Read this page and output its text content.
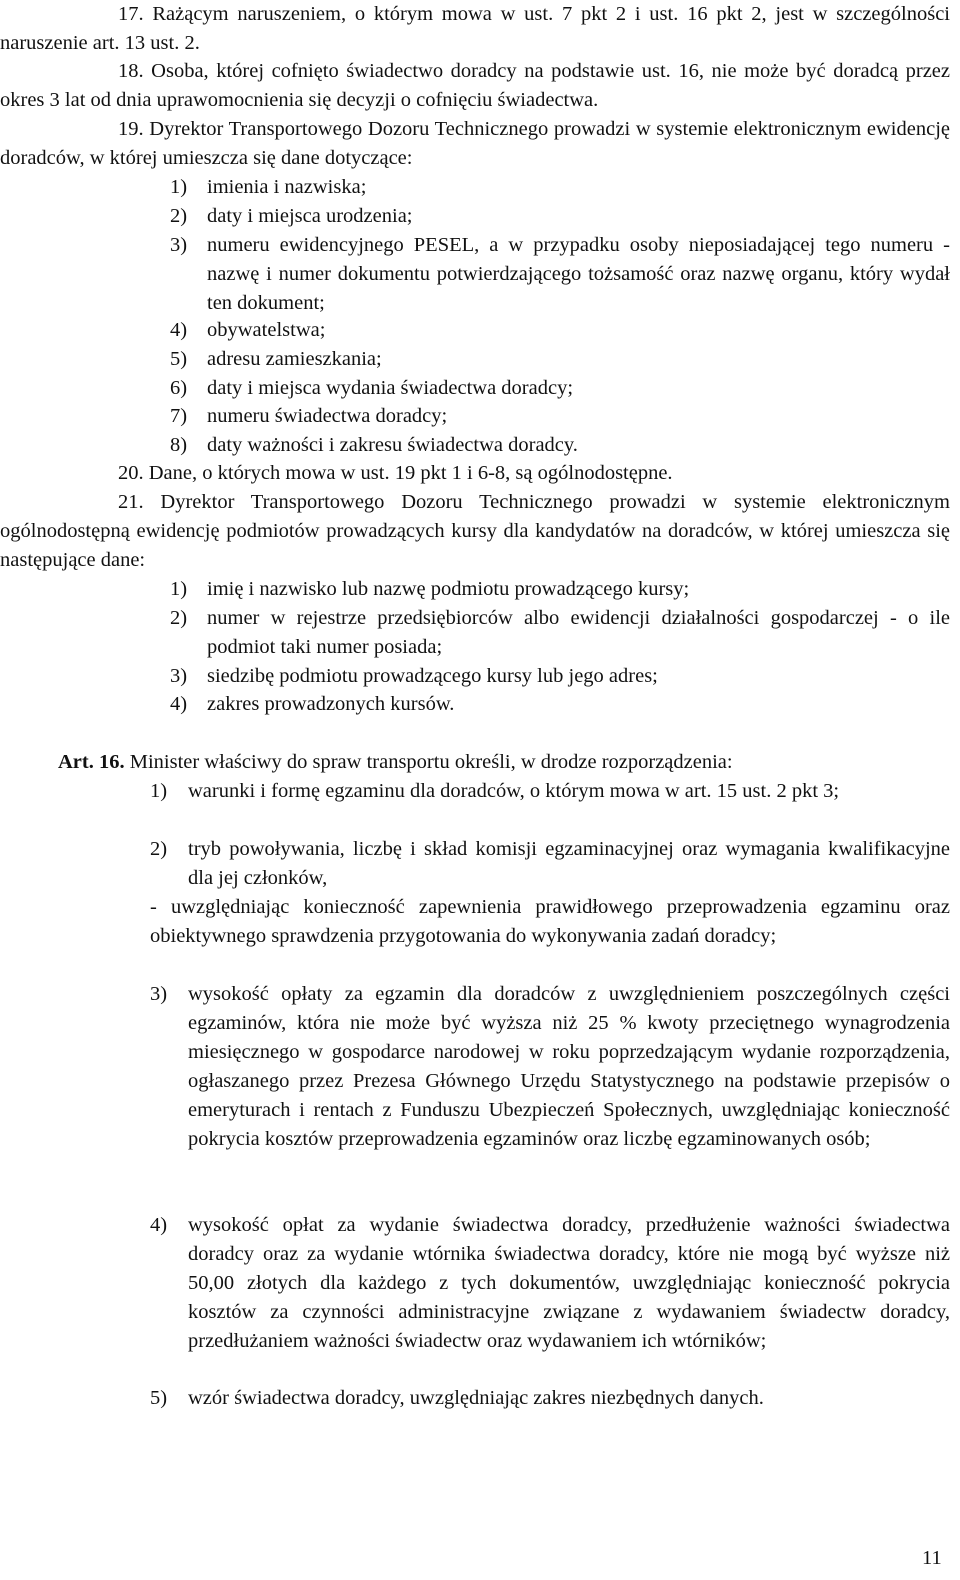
17. Rażącym naruszeniem, o którym mowa w ust. 7 pkt 2 i ust. 16 pkt 2, jest w szczególności naruszenie art. 13 ust. 2.

18. Osoba, której cofnięto świadectwo doradcy na podstawie ust. 16, nie może być doradcą przez okres 3 lat od dnia uprawomocnienia się decyzji o cofnięciu świadectwa.

19. Dyrektor Transportowego Dozoru Technicznego prowadzi w systemie elektronicznym ewidencję doradców, w której umieszcza się dane dotyczące:

1) imienia i nazwiska;
2) daty i miejsca urodzenia;
3) numeru ewidencyjnego PESEL, a w przypadku osoby nieposiadającej tego numeru - nazwę i numer dokumentu potwierdzającego tożsamość oraz nazwę organu, który wydał ten dokument;
4) obywatelstwa;
5) adresu zamieszkania;
6) daty i miejsca wydania świadectwa doradcy;
7) numeru świadectwa doradcy;
8) daty ważności i zakresu świadectwa doradcy.

20. Dane, o których mowa w ust. 19 pkt 1 i 6-8, są ogólnodostępne.

21. Dyrektor Transportowego Dozoru Technicznego prowadzi w systemie elektronicznym ogólnodostępną ewidencję podmiotów prowadzących kursy dla kandydatów na doradców, w której umieszcza się następujące dane:

1) imię i nazwisko lub nazwę podmiotu prowadzącego kursy;
2) numer w rejestrze przedsiębiorców albo ewidencji działalności gospodarczej - o ile podmiot taki numer posiada;
3) siedzibę podmiotu prowadzącego kursy lub jego adres;
4) zakres prowadzonych kursów.

Art. 16. Minister właściwy do spraw transportu określi, w drodze rozporządzenia:

1) warunki i formę egzaminu dla doradców, o którym mowa w art. 15 ust. 2 pkt 3;
2) tryb powoływania, liczbę i skład komisji egzaminacyjnej oraz wymagania kwalifikacyjne dla jej członków,

- uwzględniając konieczność zapewnienia prawidłowego przeprowadzenia egzaminu oraz obiektywnego sprawdzenia przygotowania do wykonywania zadań doradcy;

3) wysokość opłaty za egzamin dla doradców z uwzględnieniem poszczególnych części egzaminów, która nie może być wyższa niż 25 % kwoty przeciętnego wynagrodzenia miesięcznego w gospodarce narodowej w roku poprzedzającym wydanie rozporządzenia, ogłaszanego przez Prezesa Głównego Urzędu Statystycznego na podstawie przepisów o emeryturach i rentach z Funduszu Ubezpieczeń Społecznych, uwzględniając konieczność pokrycia kosztów przeprowadzenia egzaminów oraz liczbę egzaminowanych osób;
4) wysokość opłat za wydanie świadectwa doradcy, przedłużenie ważności świadectwa doradcy oraz za wydanie wtórnika świadectwa doradcy, które nie mogą być wyższe niż 50,00 złotych dla każdego z tych dokumentów, uwzględniając konieczność pokrycia kosztów za czynności administracyjne związane z wydawaniem świadectw doradcy, przedłużaniem ważności świadectw oraz wydawaniem ich wtórników;
5) wzór świadectwa doradcy, uwzględniając zakres niezbędnych danych.
11
